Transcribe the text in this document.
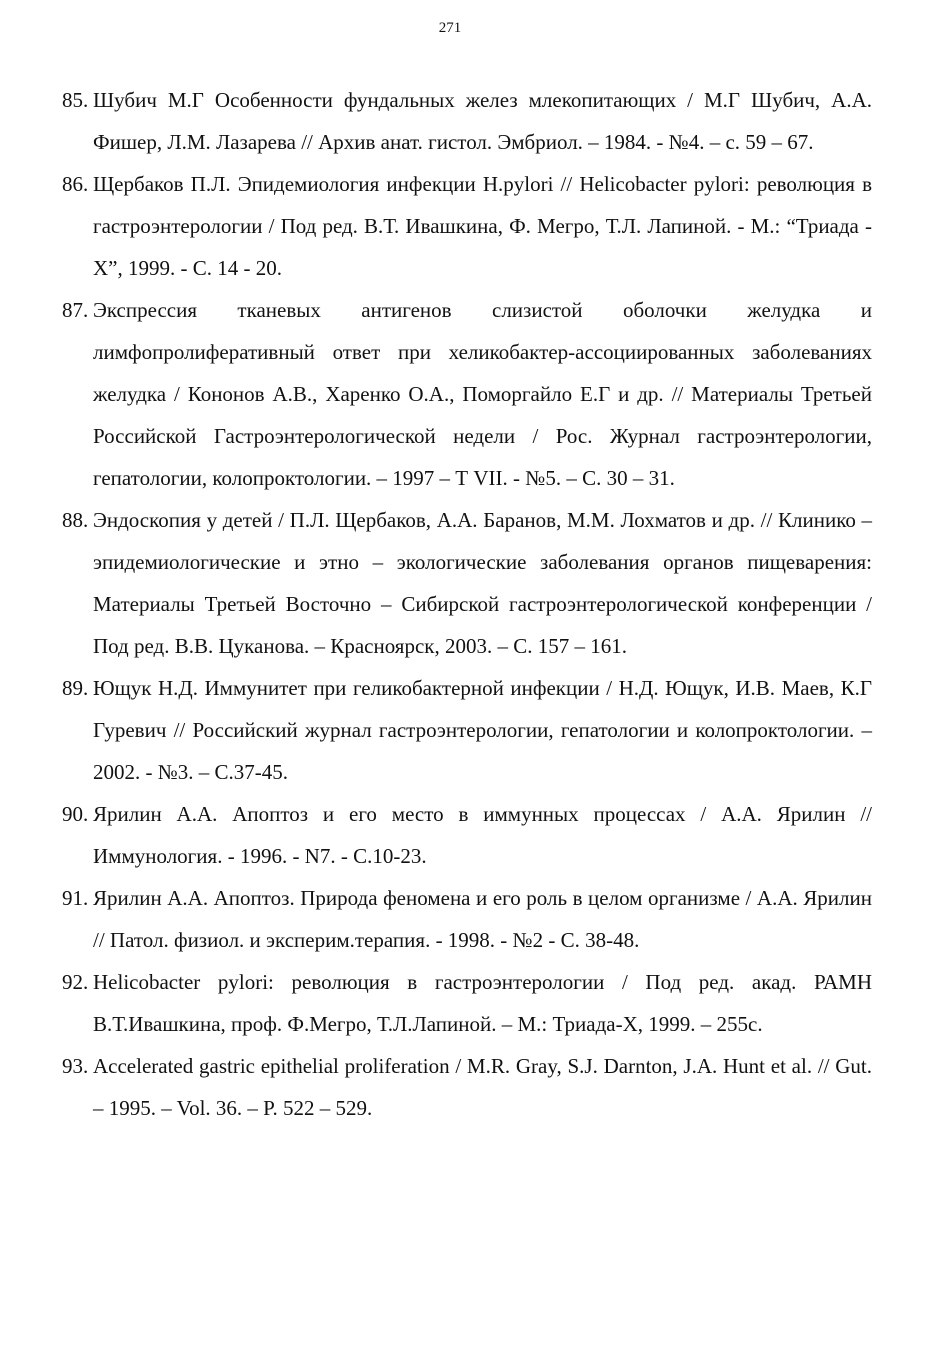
271
85. Шубич М.Г Особенности фундальных желез млекопитающих / М.Г Шубич, А.А. Фишер, Л.М. Лазарева // Архив анат. гистол. Эмбриол. – 1984. - №4. – с. 59 – 67.
86. Щербаков П.Л. Эпидемиология инфекции H.pylori // Helicobacter pylori: революция в гастроэнтерологии / Под ред. В.Т. Ивашкина, Ф. Мегро, Т.Л. Лапиной. - М.: “Триада - Х”, 1999. - С. 14 - 20.
87. Экспрессия тканевых антигенов слизистой оболочки желудка и лимфопролиферативный ответ при хеликобактер-ассоциированных заболеваниях желудка / Кононов А.В., Харенко О.А., Поморгайло Е.Г и др. // Материалы Третьей Российской Гастроэнтерологической недели / Рос. Журнал гастроэнтерологии, гепатологии, колопроктологии. – 1997 – Т VII. - №5. – С. 30 – 31.
88. Эндоскопия у детей / П.Л. Щербаков, А.А. Баранов, М.М. Лохматов и др. // Клинико – эпидемиологические и этно – экологические заболевания органов пищеварения: Материалы Третьей Восточно – Сибирской гастроэнтерологической конференции / Под ред. В.В. Цуканова. – Красноярск, 2003. – С. 157 – 161.
89. Ющук Н.Д. Иммунитет при геликобактерной инфекции / Н.Д. Ющук, И.В. Маев, К.Г Гуревич // Российский журнал гастроэнтерологии, гепатологии и колопроктологии. – 2002. - №3. – С.37-45.
90. Ярилин А.А. Апоптоз и его место в иммунных процессах / А.А. Ярилин // Иммунология. - 1996. - N7. - С.10-23.
91. Ярилин А.А. Апоптоз. Природа феномена и его роль в целом организме / А.А. Ярилин // Патол. физиол. и эксперим.терапия. - 1998. - №2 - С. 38-48.
92. Helicobacter pylori: революция в гастроэнтерологии / Под ред. акад. РАМН В.Т.Ивашкина, проф. Ф.Мегро, Т.Л.Лапиной. – М.: Триада-Х, 1999. – 255с.
93. Accelerated gastric epithelial proliferation / M.R. Gray, S.J. Darnton, J.A. Hunt et al. // Gut. – 1995. – Vol. 36. – P. 522 – 529.
